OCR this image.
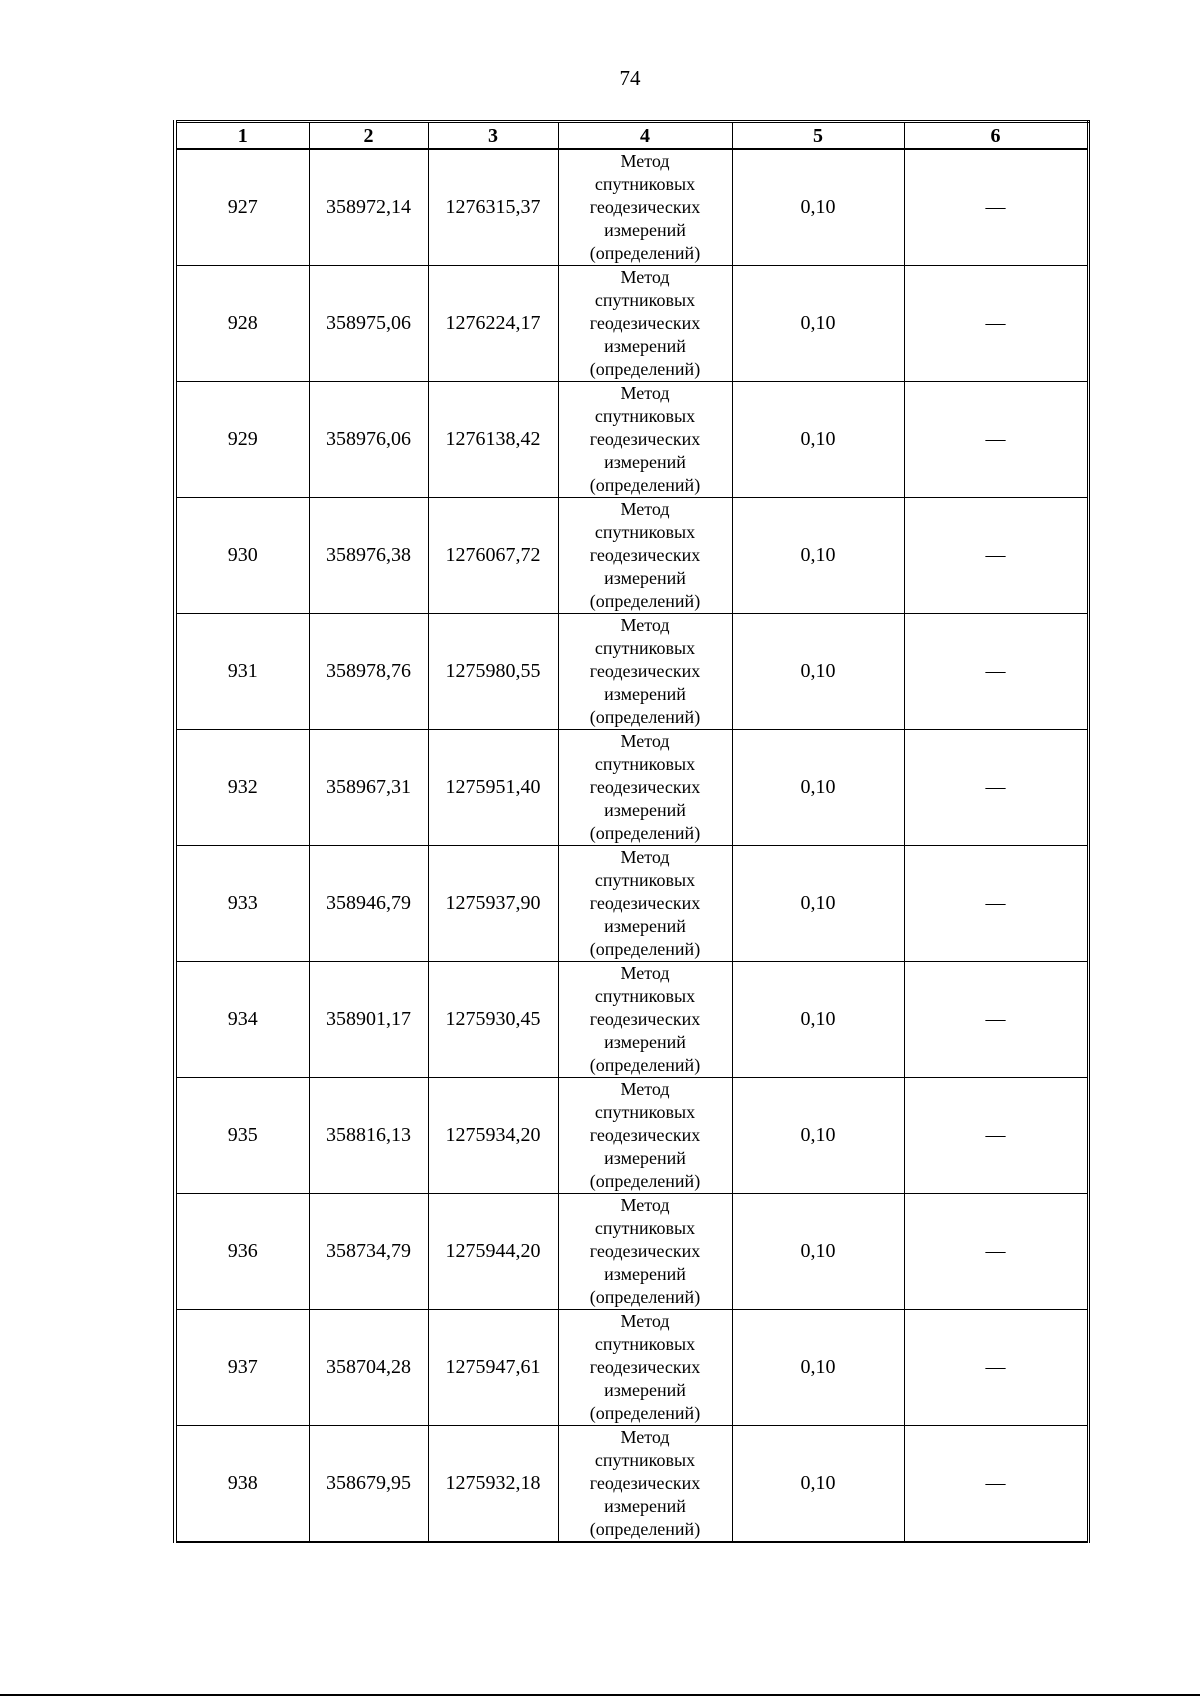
74
1	2	3	4	5	6
927	358972,14	1276315,37	Метод
спутниковых
геодезических
измерений
(определений)	0,10	—
928	358975,06	1276224,17	Метод
спутниковых
геодезических
измерений
(определений)	0,10	—
929	358976,06	1276138,42	Метод
спутниковых
геодезических
измерений
(определений)	0,10	—
930	358976,38	1276067,72	Метод
спутниковых
геодезических
измерений
(определений)	0,10	—
931	358978,76	1275980,55	Метод
спутниковых
геодезических
измерений
(определений)	0,10	—
932	358967,31	1275951,40	Метод
спутниковых
геодезических
измерений
(определений)	0,10	—
933	358946,79	1275937,90	Метод
спутниковых
геодезических
измерений
(определений)	0,10	—
934	358901,17	1275930,45	Метод
спутниковых
геодезических
измерений
(определений)	0,10	—
935	358816,13	1275934,20	Метод
спутниковых
геодезических
измерений
(определений)	0,10	—
936	358734,79	1275944,20	Метод
спутниковых
геодезических
измерений
(определений)	0,10	—
937	358704,28	1275947,61	Метод
спутниковых
геодезических
измерений
(определений)	0,10	—
938	358679,95	1275932,18	Метод
спутниковых
геодезических
измерений
(определений)	0,10	—
